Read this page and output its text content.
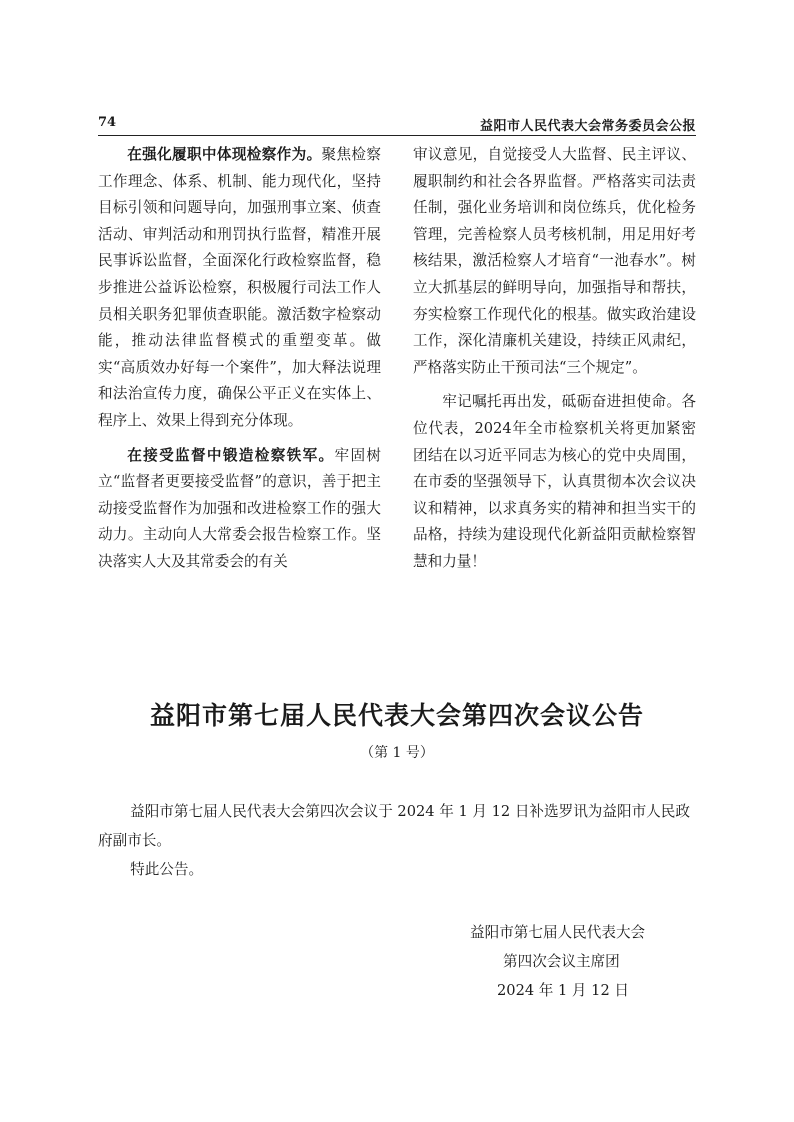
74	益阳市人民代表大会常务委员会公报

在强化履职中体现检察作为。聚焦检察工作理念、体系、机制、能力现代化，坚持目标引领和问题导向，加强刑事立案、侦查活动、审判活动和刑罚执行监督，精准开展民事诉讼监督，全面深化行政检察监督，稳步推进公益诉讼检察，积极履行司法工作人员相关职务犯罪侦查职能。激活数字检察动能，推动法律监督模式的重塑变革。做实“高质效办好每一个案件”，加大释法说理和法治宣传力度，确保公平正义在实体上、程序上、效果上得到充分体现。

在接受监督中锻造检察铁军。牢固树立“监督者更要接受监督”的意识，善于把主动接受监督作为加强和改进检察工作的强大动力。主动向人大常委会报告检察工作。坚决落实人大及其常委会的有关

审议意见，自觉接受人大监督、民主评议、履职制约和社会各界监督。严格落实司法责任制，强化业务培训和岗位练兵，优化检务管理，完善检察人员考核机制，用足用好考核结果，激活检察人才培育“一池春水”。树立大抓基层的鲜明导向，加强指导和帮扶，夯实检察工作现代化的根基。做实政治建设工作，深化清廉机关建设，持续正风肃纪，严格落实防止干预司法“三个规定”。

牢记嘱托再出发，砥砺奋进担使命。各位代表，2024年全市检察机关将更加紧密团结在以习近平同志为核心的党中央周围，在市委的坚强领导下，认真贯彻本次会议决议和精神，以求真务实的精神和担当实干的品格，持续为建设现代化新益阳贡献检察智慧和力量！

益阳市第七届人民代表大会第四次会议公告
（第 1 号）

益阳市第七届人民代表大会第四次会议于 2024 年 1 月 12 日补选罗讯为益阳市人民政府副市长。

特此公告。

益阳市第七届人民代表大会
第四次会议主席团
2024 年 1 月 12 日
